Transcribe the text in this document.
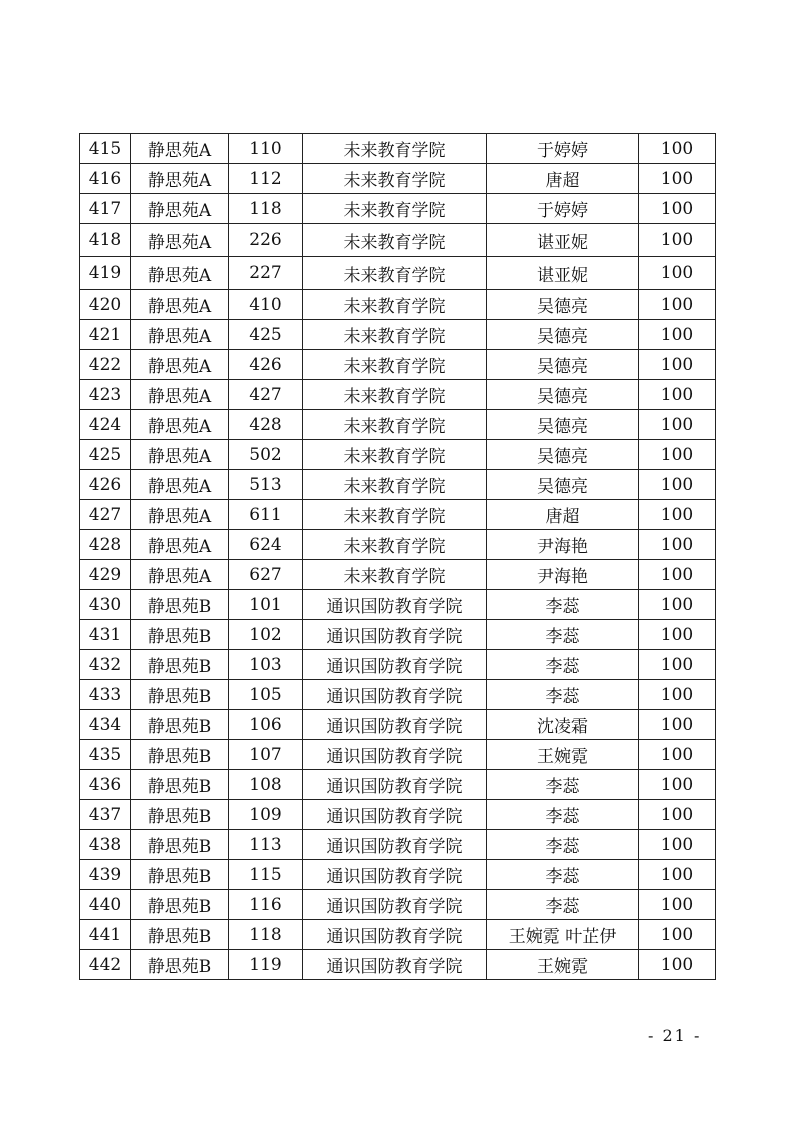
415	静思苑A	110	未来教育学院	于婷婷	100
416	静思苑A	112	未来教育学院	唐超	100
417	静思苑A	118	未来教育学院	于婷婷	100
418	静思苑A	226	未来教育学院	谌亚妮	100
419	静思苑A	227	未来教育学院	谌亚妮	100
420	静思苑A	410	未来教育学院	吴德亮	100
421	静思苑A	425	未来教育学院	吴德亮	100
422	静思苑A	426	未来教育学院	吴德亮	100
423	静思苑A	427	未来教育学院	吴德亮	100
424	静思苑A	428	未来教育学院	吴德亮	100
425	静思苑A	502	未来教育学院	吴德亮	100
426	静思苑A	513	未来教育学院	吴德亮	100
427	静思苑A	611	未来教育学院	唐超	100
428	静思苑A	624	未来教育学院	尹海艳	100
429	静思苑A	627	未来教育学院	尹海艳	100
430	静思苑B	101	通识国防教育学院	李蕊	100
431	静思苑B	102	通识国防教育学院	李蕊	100
432	静思苑B	103	通识国防教育学院	李蕊	100
433	静思苑B	105	通识国防教育学院	李蕊	100
434	静思苑B	106	通识国防教育学院	沈凌霜	100
435	静思苑B	107	通识国防教育学院	王婉霓	100
436	静思苑B	108	通识国防教育学院	李蕊	100
437	静思苑B	109	通识国防教育学院	李蕊	100
438	静思苑B	113	通识国防教育学院	李蕊	100
439	静思苑B	115	通识国防教育学院	李蕊	100
440	静思苑B	116	通识国防教育学院	李蕊	100
441	静思苑B	118	通识国防教育学院	王婉霓 叶芷伊	100
442	静思苑B	119	通识国防教育学院	王婉霓	100
- 21 -
